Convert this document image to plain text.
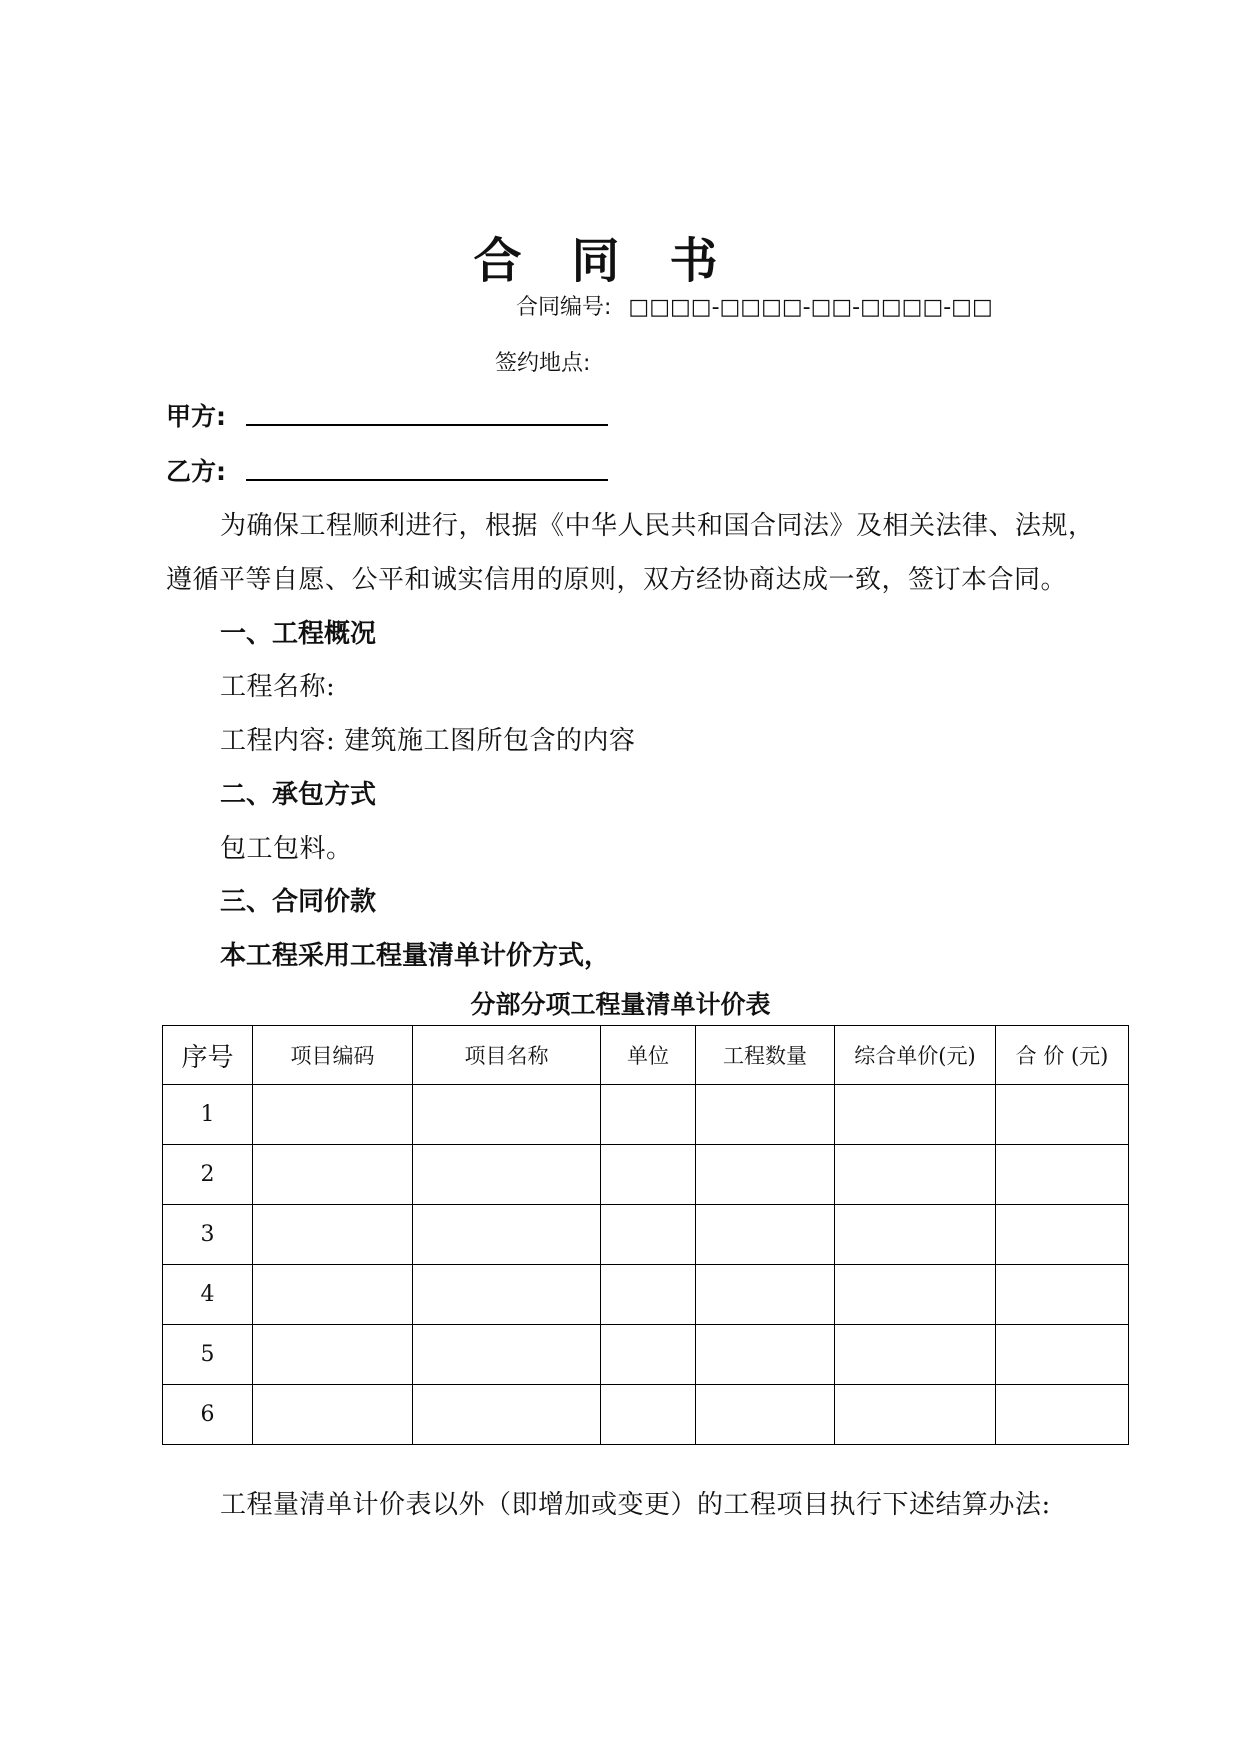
合同书
合同编号: □□□□-□□□□-□□-□□□□-□□
签约地点:
甲方:
乙方:
为确保工程顺利进行，根据《中华人民共和国合同法》及相关法律、法规，
遵循平等自愿、公平和诚实信用的原则，双方经协商达成一致，签订本合同。
一、工程概况
工程名称:
工程内容: 建筑施工图所包含的内容
二、承包方式
包工包料。
三、合同价款
本工程采用工程量清单计价方式，
分部分项工程量清单计价表
序号	项目编码	项目名称	单位	工程数量	综合单价(元)	合 价 (元)
1						
2						
3						
4						
5						
6						
工程量清单计价表以外（即增加或变更）的工程项目执行下述结算办法:
